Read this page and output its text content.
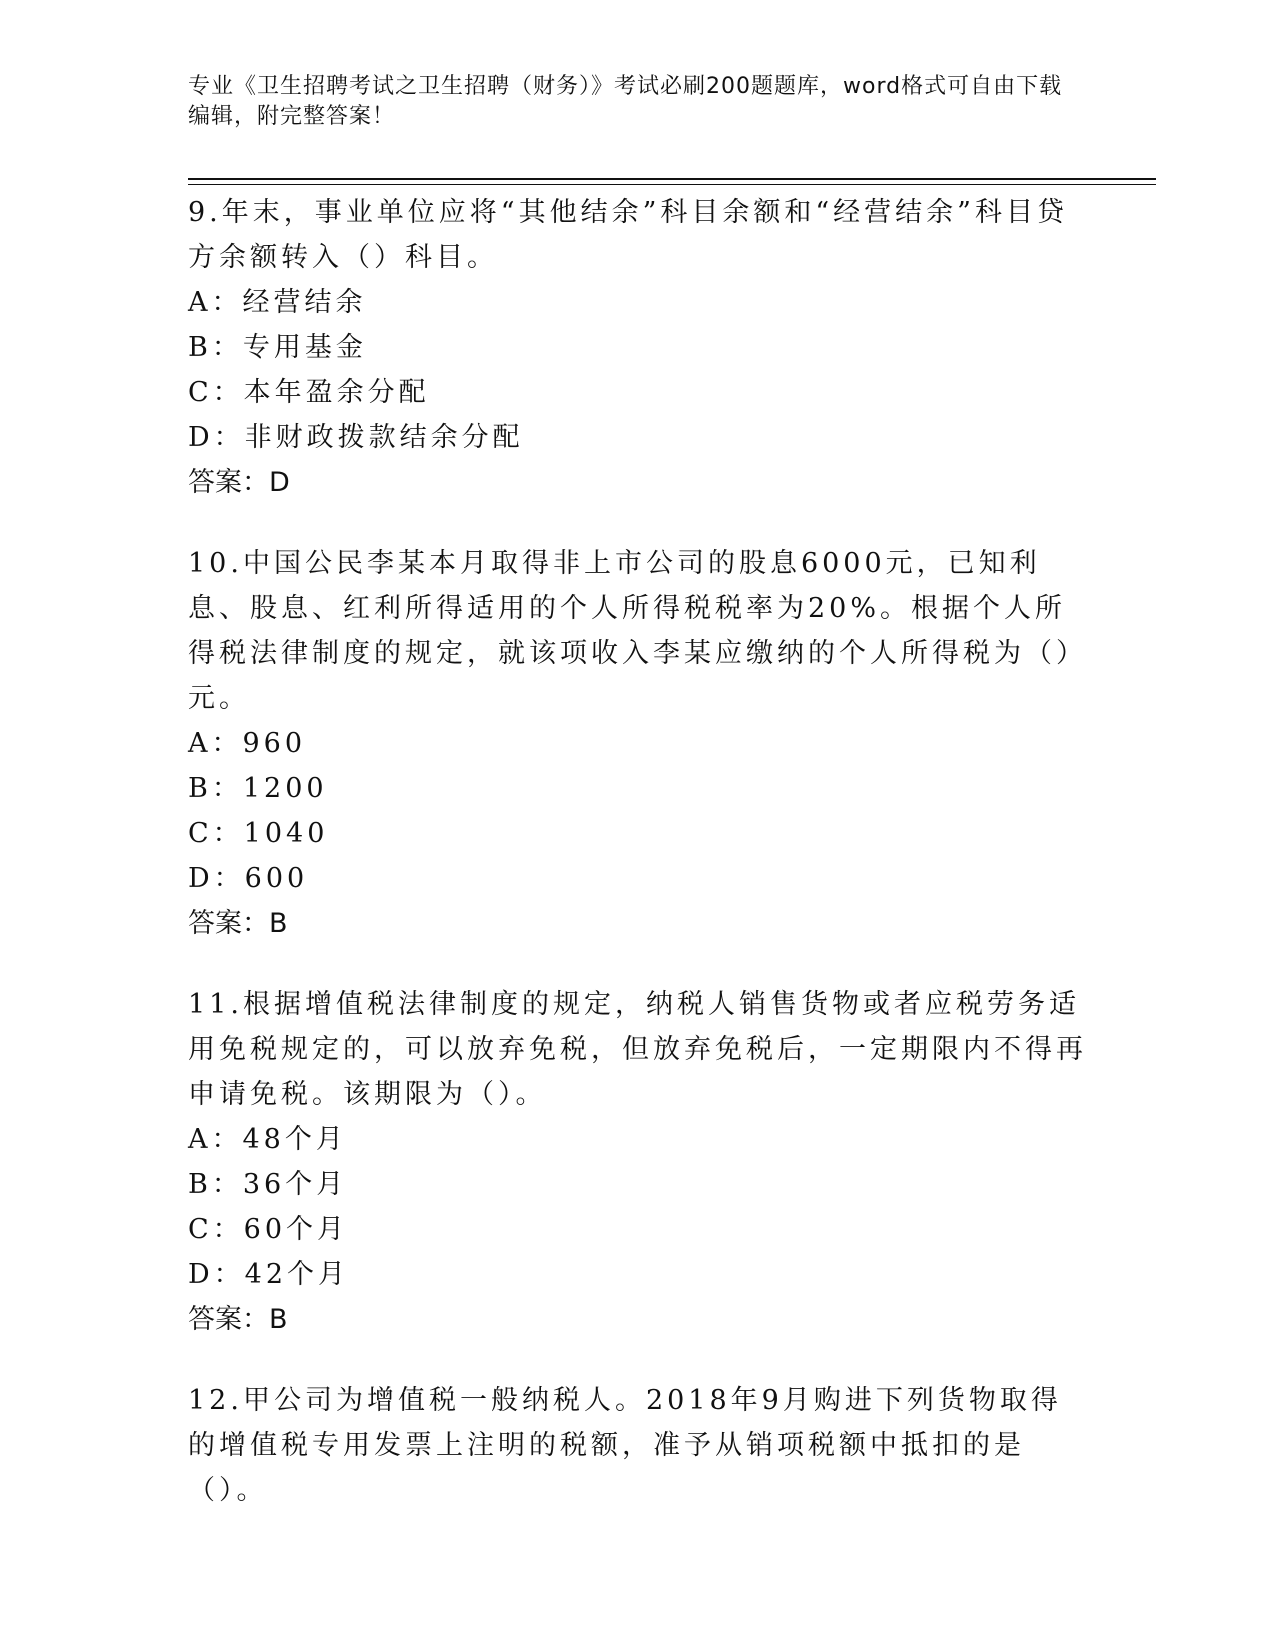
专业《卫生招聘考试之卫生招聘（财务）》考试必刷200题题库，word格式可自由下载编辑，附完整答案！
9.年末，事业单位应将“其他结余”科目余额和“经营结余”科目贷方余额转入（）科目。
A：经营结余
B：专用基金
C：本年盈余分配
D：非财政拨款结余分配
答案：D
10.中国公民李某本月取得非上市公司的股息6000元，已知利息、股息、红利所得适用的个人所得税税率为20%。根据个人所得税法律制度的规定，就该项收入李某应缴纳的个人所得税为（）元。
A：960
B：1200
C：1040
D：600
答案：B
11.根据增值税法律制度的规定，纳税人销售货物或者应税劳务适用免税规定的，可以放弃免税，但放弃免税后，一定期限内不得再申请免税。该期限为（）。
A：48个月
B：36个月
C：60个月
D：42个月
答案：B
12.甲公司为增值税一般纳税人。2018年9月购进下列货物取得的增值税专用发票上注明的税额，准予从销项税额中抵扣的是（）。
